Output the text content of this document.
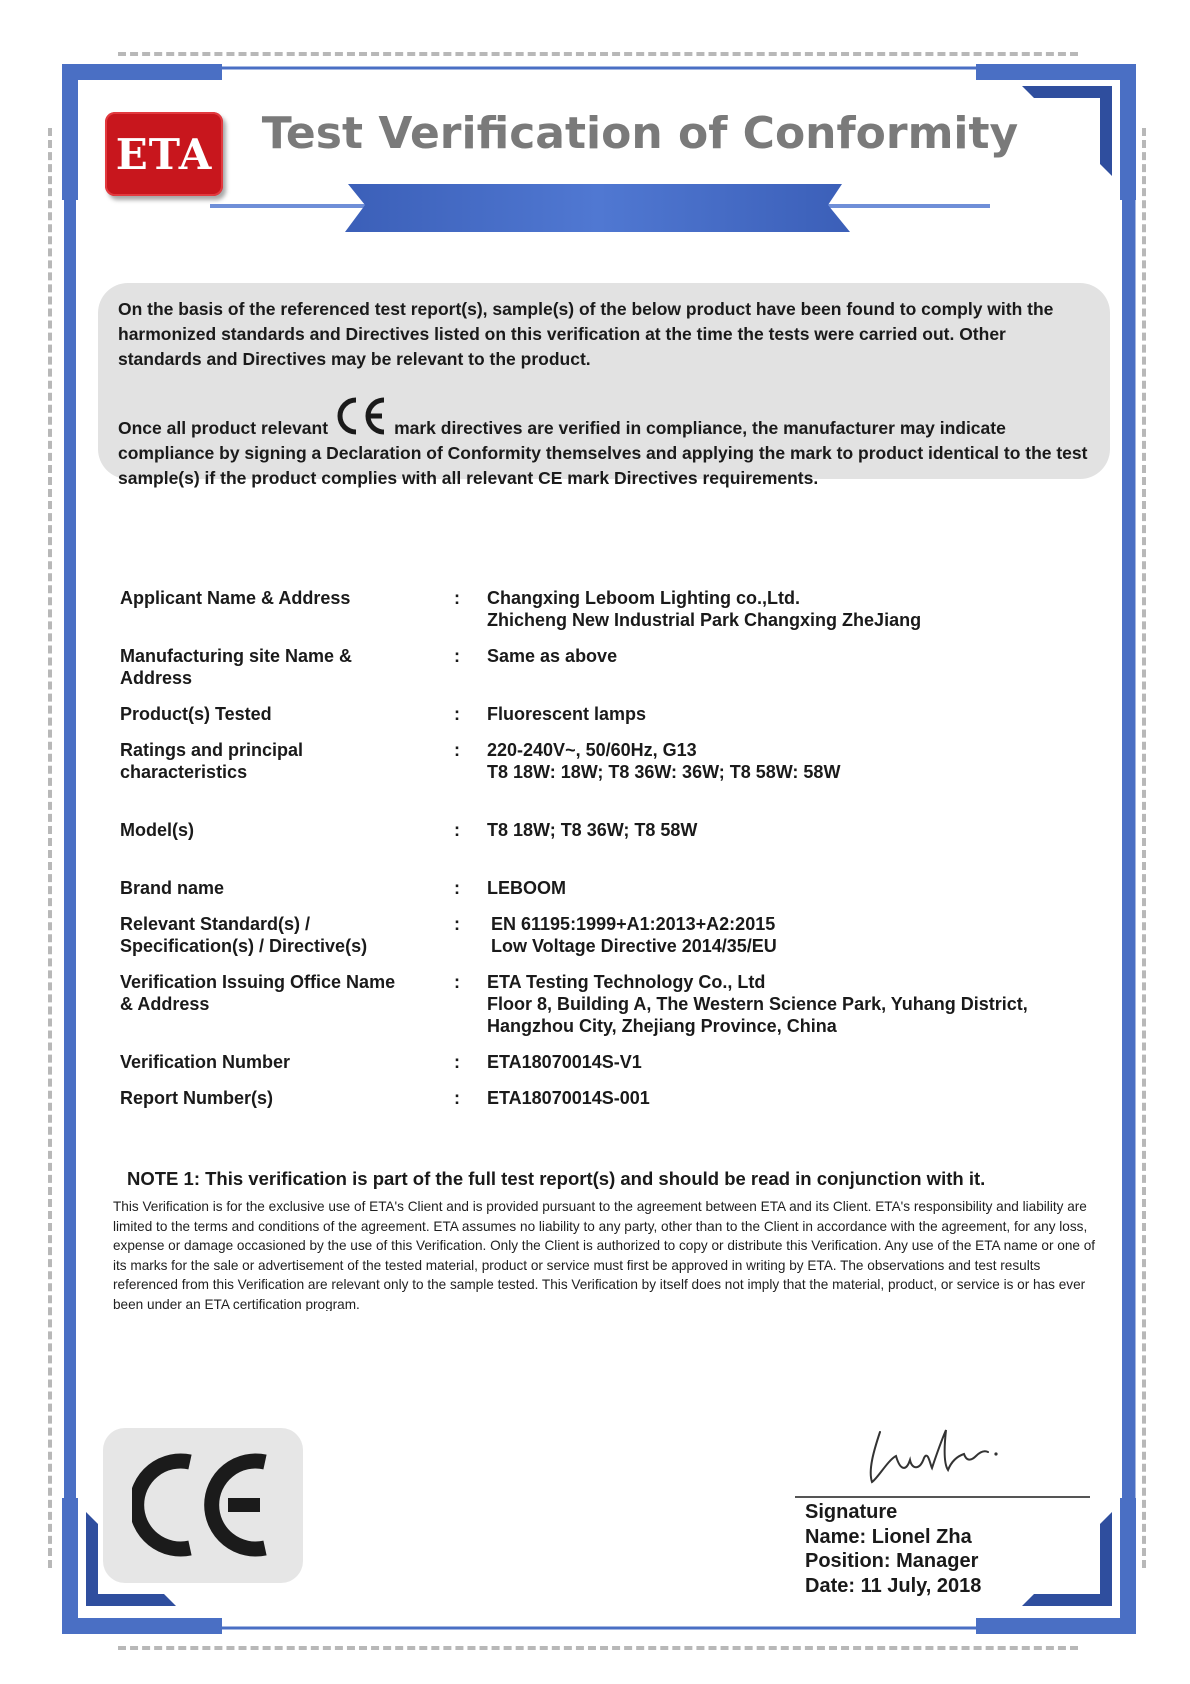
ETA	Test Verification of Conformity

On the basis of the referenced test report(s), sample(s) of the below product have been found to comply with the harmonized standards and Directives listed on this verification at the time the tests were carried out. Other standards and Directives may be relevant to the product.

Once all product relevant	mark directives are verified in compliance, the manufacturer may indicate compliance by signing a Declaration of Conformity themselves and applying the mark to product identical to the test sample(s) if the product complies with all relevant CE mark Directives requirements.

Applicant Name & Address	:	Changxing Leboom Lighting co.,Ltd.
Zhicheng New Industrial Park Changxing ZheJiang
Manufacturing site Name &
Address
:	Same as above
Product(s) Tested	:	Fluorescent lamps
Ratings and principal
characteristics
:	220-240V~, 50/60Hz, G13
T8 18W: 18W; T8 36W: 36W; T8 58W: 58W
Model(s)	:	T8 18W; T8 36W; T8 58W
Brand name	:	LEBOOM
Relevant Standard(s) /
Specification(s) / Directive(s)
:	EN 61195:1999+A1:2013+A2:2015
Low Voltage Directive 2014/35/EU
Verification Issuing Office Name
& Address
:	ETA Testing Technology Co., Ltd
Floor 8, Building A, The Western Science Park, Yuhang District,
Hangzhou City, Zhejiang Province, China
Verification Number	:	ETA18070014S-V1
Report Number(s)	:	ETA18070014S-001
NOTE 1: This verification is part of the full test report(s) and should be read in conjunction with it.
This Verification is for the exclusive use of ETA's Client and is provided pursuant to the agreement between ETA and its Client. ETA's responsibility and liability are limited to the terms and conditions of the agreement. ETA assumes no liability to any party, other than to the Client in accordance with the agreement, for any loss, expense or damage occasioned by the use of this Verification. Only the Client is authorized to copy or distribute this Verification. Any use of the ETA name or one of its marks for the sale or advertisement of the tested material, product or service must first be approved in writing by ETA. The observations and test results referenced from this Verification are relevant only to the sample tested. This Verification by itself does not imply that the material, product, or service is or has ever been under an ETA certification program.
Signature
Name: Lionel Zha
Position: Manager
Date: 11 July, 2018
